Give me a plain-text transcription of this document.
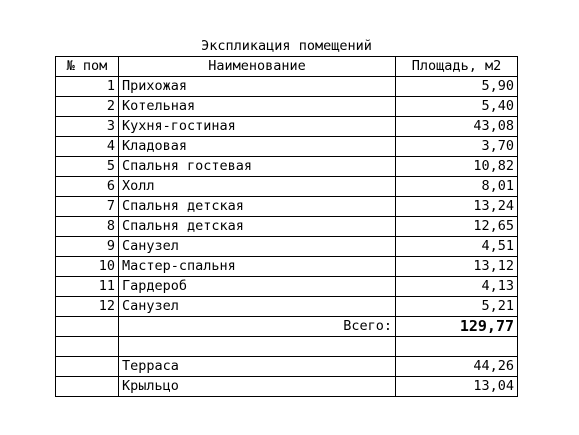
Экспликация помещений		
№ пом	Наименование	Площадь, м2
1	Прихожая	5,90
2	Котельная	5,40
3	Кухня-гостиная	43,08
4	Кладовая	3,70
5	Спальня гостевая	10,82
6	Холл	8,01
7	Спальня детская	13,24
8	Спальня детская	12,65
9	Санузел	4,51
10	Мастер-спальня	13,12
11	Гардероб	4,13
12	Санузел	5,21
	Всего:	129,77

	Терраса	44,26
	Крыльцо	13,04
